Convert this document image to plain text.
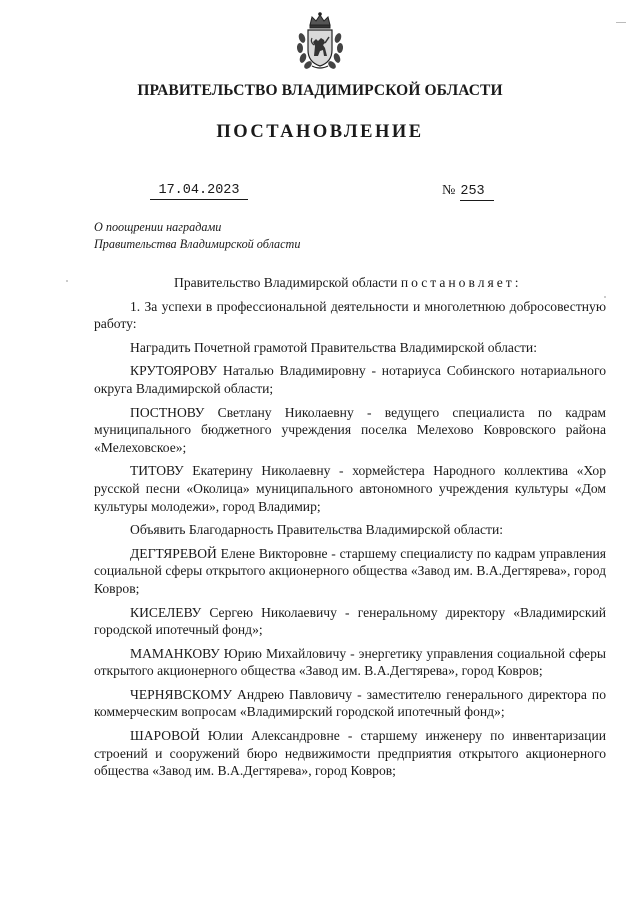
ПРАВИТЕЛЬСТВО ВЛАДИМИРСКОЙ ОБЛАСТИ
ПОСТАНОВЛЕНИЕ
17.04.2023	№ 253
О поощрении наградами
Правительства Владимирской области

Правительство Владимирской области постановляет:

1. За успехи в профессиональной деятельности и многолетнюю добросовестную работу:

Наградить Почетной грамотой Правительства Владимирской области:

КРУТОЯРОВУ Наталью Владимировну - нотариуса Собинского нотариального округа Владимирской области;

ПОСТНОВУ Светлану Николаевну - ведущего специалиста по кадрам муниципального бюджетного учреждения поселка Мелехово Ковровского района «Мелеховское»;

ТИТОВУ Екатерину Николаевну - хормейстера Народного коллектива «Хор русской песни «Околица» муниципального автономного учреждения культуры «Дом культуры молодежи», город Владимир;

Объявить Благодарность Правительства Владимирской области:

ДЕГТЯРЕВОЙ Елене Викторовне - старшему специалисту по кадрам управления социальной сферы открытого акционерного общества «Завод им. В.А.Дегтярева», город Ковров;

КИСЕЛЕВУ Сергею Николаевичу - генеральному директору «Владимирский городской ипотечный фонд»;

МАМАНКОВУ Юрию Михайловичу - энергетику управления социальной сферы открытого акционерного общества «Завод им. В.А.Дегтярева», город Ковров;

ЧЕРНЯВСКОМУ Андрею Павловичу - заместителю генерального директора по коммерческим вопросам «Владимирский городской ипотечный фонд»;

ШАРОВОЙ Юлии Александровне - старшему инженеру по инвентаризации строений и сооружений бюро недвижимости предприятия открытого акционерного общества «Завод им. В.А.Дегтярева», город Ковров;
